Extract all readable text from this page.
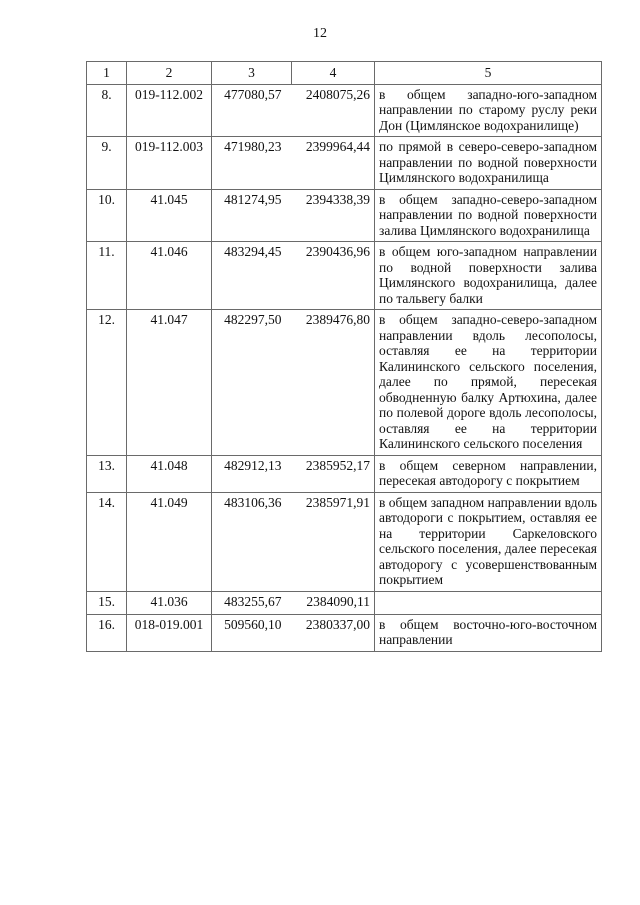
12
1	2	3	4	5
8.	019-112.002	477080,57	2408075,26	в общем западно-юго-западном направлении по старому руслу реки Дон (Цимлянское водохранилище)
9.	019-112.003	471980,23	2399964,44	по прямой в северо-северо-западном направлении по водной поверхности Цимлянского водохранилища
10.	41.045	481274,95	2394338,39	в общем западно-северо-западном направлении по водной поверхности залива Цимлянского водохранилища
11.	41.046	483294,45	2390436,96	в общем юго-западном направлении по водной поверхности залива Цимлянского водохранилища, далее по тальвегу балки
12.	41.047	482297,50	2389476,80	в общем западно-северо-западном направлении вдоль лесополосы, оставляя ее на территории Калининского сельского поселения, далее по прямой, пересекая обводненную балку Артюхина, далее по полевой дороге вдоль лесополосы, оставляя ее на территории Калининского сельского поселения
13.	41.048	482912,13	2385952,17	в общем северном направлении, пересекая автодорогу с покрытием
14.	41.049	483106,36	2385971,91	в общем западном направлении вдоль автодороги с покрытием, оставляя ее на территории Саркеловского сельского поселения, далее пересекая автодорогу с усовершенствованным покрытием
15.	41.036	483255,67	2384090,11	
16.	018-019.001	509560,10	2380337,00	в общем восточно-юго-восточном направлении
